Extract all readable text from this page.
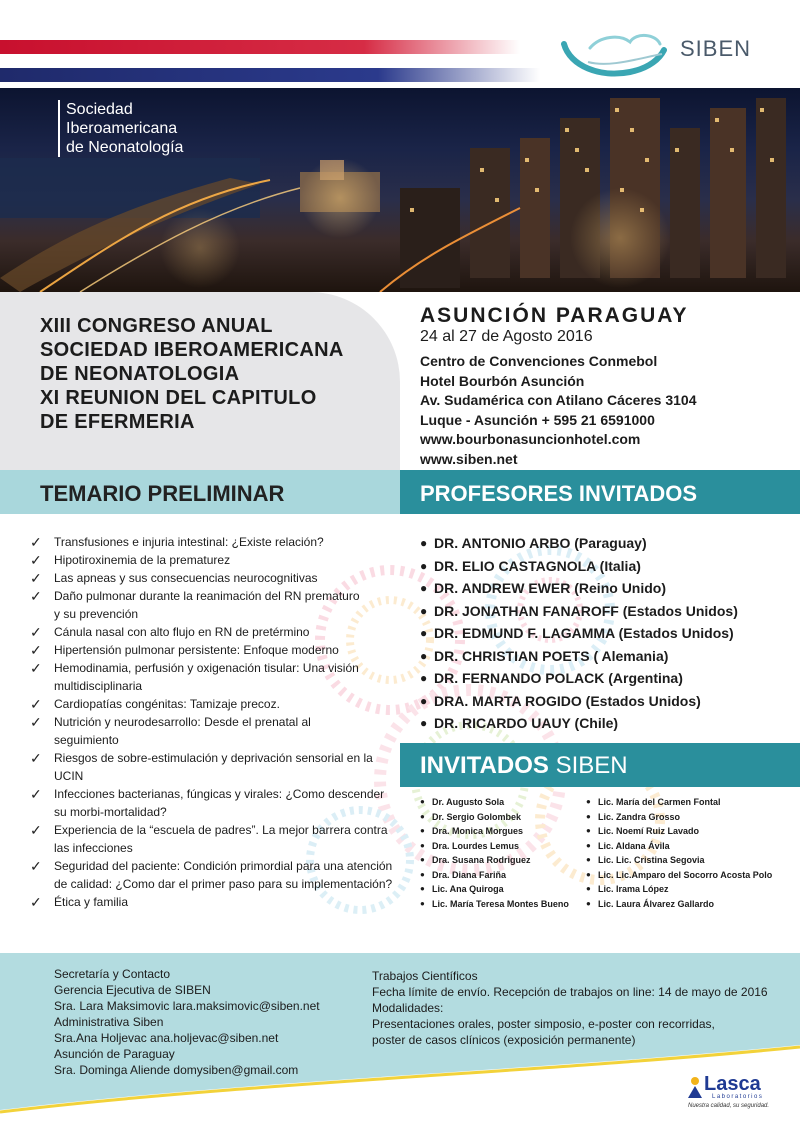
SIBEN
Sociedad
Iberoamericana
de Neonatología
XIII CONGRESO ANUAL
SOCIEDAD IBEROAMERICANA
DE NEONATOLOGIA
XI REUNION DEL CAPITULO
DE EFERMERIA
ASUNCIÓN PARAGUAY
24 al 27 de Agosto 2016
Centro de Convenciones Conmebol
Hotel Bourbón Asunción
Av. Sudamérica con Atilano Cáceres 3104
Luque - Asunción + 595 21 6591000
www.bourbonasuncionhotel.com
www.siben.net
TEMARIO PRELIMINAR	PROFESORES INVITADOS
✓ Transfusiones e injuria intestinal: ¿Existe relación?
✓ Hipotiroxinemia de la prematurez
✓ Las apneas y sus consecuencias neurocognitivas
✓ Daño pulmonar durante la reanimación del RN prematuro
y su prevención
✓ Cánula nasal con alto flujo en RN de pretérmino
✓ Hipertensión pulmonar persistente: Enfoque moderno
✓ Hemodinamia, perfusión y oxigenación tisular: Una visión
multidisciplinaria
✓ Cardiopatías congénitas: Tamizaje precoz.
✓ Nutrición y neurodesarrollo: Desde el prenatal al
seguimiento
✓ Riesgos de sobre-estimulación y deprivación sensorial en la
UCIN
✓ Infecciones bacterianas, fúngicas y virales: ¿Como descender
su morbi-mortalidad?
✓ Experiencia de la “escuela de padres”. La mejor barrera contra
las infecciones
✓ Seguridad del paciente: Condición primordial para una atención
de calidad: ¿Como dar el primer paso para su implementación?
✓ Ética y familia
● DR. ANTONIO ARBO (Paraguay)
● DR. ELIO CASTAGNOLA (Italia)
● DR. ANDREW EWER (Reino Unido)
● DR. JONATHAN FANAROFF (Estados Unidos)
● DR. EDMUND F. LAGAMMA (Estados Unidos)
● DR. CHRISTIAN POETS ( Alemania)
● DR. FERNANDO POLACK (Argentina)
● DRA. MARTA ROGIDO (Estados Unidos)
● DR. RICARDO UAUY (Chile)
INVITADOS SIBEN
● Dr. Augusto Sola
● Dr. Sergio Golombek
● Dra. Monica Morgues
● Dra. Lourdes Lemus
● Dra. Susana Rodriguez
● Dra. Diana Fariña
● Lic. Ana Quiroga
● Lic. María Teresa Montes Bueno
● Lic. María del Carmen Fontal
● Lic. Zandra Grosso
● Lic. Noemí Ruiz Lavado
● Lic. Aldana Ávila
● Lic. Lic. Cristina Segovia
● Lic. Lic.Amparo del Socorro Acosta Polo
● Lic. Irama López
● Lic. Laura Álvarez Gallardo
Secretaría y Contacto
Gerencia Ejecutiva de SIBEN
Sra. Lara Maksimovic lara.maksimovic@siben.net
Administrativa Siben
Sra.Ana Holjevac ana.holjevac@siben.net
Asunción de Paraguay
Sra. Dominga Aliende domysiben@gmail.com
Trabajos Científicos
Fecha límite de envío. Recepción de trabajos on line: 14 de mayo de 2016
Modalidades:
Presentaciones orales, poster simposio, e-poster con recorridas,
poster de casos clínicos (exposición permanente)
Lasca
Laboratorios
Nuestra calidad, su seguridad.
